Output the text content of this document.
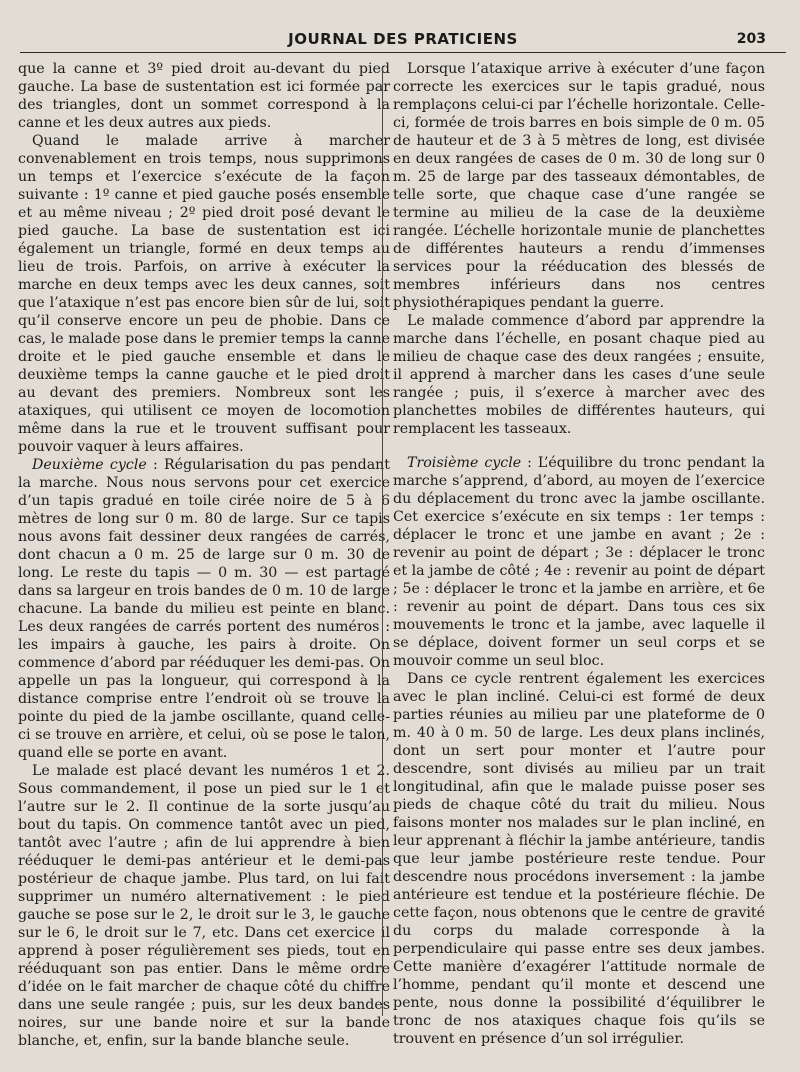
JOURNAL DES PRATICIENS	203

que la canne et 3º pied droit au-devant du pied gauche. La base de sustentation est ici formée par des triangles, dont un sommet correspond à la canne et les deux autres aux pieds.

Quand le malade arrive à marcher convenablement en trois temps, nous supprimons un temps et l’exercice s’exécute de la façon suivante : 1º canne et pied gauche posés ensemble et au même niveau ; 2º pied droit posé devant le pied gauche. La base de sustentation est ici également un triangle, formé en deux temps au lieu de trois. Parfois, on arrive à exécuter la marche en deux temps avec les deux cannes, soit que l’ataxique n’est pas encore bien sûr de lui, soit qu’il conserve encore un peu de phobie. Dans ce cas, le malade pose dans le premier temps la canne droite et le pied gauche ensemble et dans le deuxième temps la canne gauche et le pied droit au devant des premiers. Nombreux sont les ataxiques, qui utilisent ce moyen de locomotion même dans la rue et le trouvent suffisant pour pouvoir vaquer à leurs affaires.

Deuxième cycle : Régularisation du pas pendant la marche. Nous nous servons pour cet exercice d’un tapis gradué en toile cirée noire de 5 à 6 mètres de long sur 0 m. 80 de large. Sur ce tapis nous avons fait dessiner deux rangées de carrés, dont chacun a 0 m. 25 de large sur 0 m. 30 de long. Le reste du tapis — 0 m. 30 — est partagé dans sa largeur en trois bandes de 0 m. 10 de large chacune. La bande du milieu est peinte en blanc. Les deux rangées de carrés portent des numéros : les impairs à gauche, les pairs à droite. On commence d’abord par rééduquer les demi-pas. On appelle un pas la longueur, qui correspond à la distance comprise entre l’endroit où se trouve la pointe du pied de la jambe oscillante, quand celle-ci se trouve en arrière, et celui, où se pose le talon, quand elle se porte en avant.

Le malade est placé devant les numéros 1 et 2. Sous commandement, il pose un pied sur le 1 et l’autre sur le 2. Il continue de la sorte jusqu’au bout du tapis. On commence tantôt avec un pied, tantôt avec l’autre ; afin de lui apprendre à bien rééduquer le demi-pas antérieur et le demi-pas postérieur de chaque jambe. Plus tard, on lui fait supprimer un numéro alternativement : le pied gauche se pose sur le 2, le droit sur le 3, le gauche sur le 6, le droit sur le 7, etc. Dans cet exercice il apprend à poser régulièrement ses pieds, tout en rééduquant son pas entier. Dans le même ordre d’idée on le fait marcher de chaque côté du chiffre dans une seule rangée ; puis, sur les deux bandes noires, sur une bande noire et sur la bande blanche, et, enfin, sur la bande blanche seule.

Lorsque l’ataxique arrive à exécuter d’une façon correcte les exercices sur le tapis gradué, nous remplaçons celui-ci par l’échelle horizontale. Celle-ci, formée de trois barres en bois simple de 0 m. 05 de hauteur et de 3 à 5 mètres de long, est divisée en deux rangées de cases de 0 m. 30 de long sur 0 m. 25 de large par des tasseaux démontables, de telle sorte, que chaque case d’une rangée se termine au milieu de la case de la deuxième rangée. L’échelle horizontale munie de planchettes de différentes hauteurs a rendu d’immenses services pour la rééducation des blessés de membres inférieurs dans nos centres physiothérapiques pendant la guerre.

Le malade commence d’abord par apprendre la marche dans l’échelle, en posant chaque pied au milieu de chaque case des deux rangées ; ensuite, il apprend à marcher dans les cases d’une seule rangée ; puis, il s’exerce à marcher avec des planchettes mobiles de différentes hauteurs, qui remplacent les tasseaux.

Troisième cycle : L’équilibre du tronc pendant la marche s’apprend, d’abord, au moyen de l’exercice du déplacement du tronc avec la jambe oscillante. Cet exercice s’exécute en six temps : 1er temps : déplacer le tronc et une jambe en avant ; 2e : revenir au point de départ ; 3e : déplacer le tronc et la jambe de côté ; 4e : revenir au point de départ ; 5e : déplacer le tronc et la jambe en arrière, et 6e : revenir au point de départ. Dans tous ces six mouvements le tronc et la jambe, avec laquelle il se déplace, doivent former un seul corps et se mouvoir comme un seul bloc.

Dans ce cycle rentrent également les exercices avec le plan incliné. Celui-ci est formé de deux parties réunies au milieu par une plateforme de 0 m. 40 à 0 m. 50 de large. Les deux plans inclinés, dont un sert pour monter et l’autre pour descendre, sont divisés au milieu par un trait longitudinal, afin que le malade puisse poser ses pieds de chaque côté du trait du milieu. Nous faisons monter nos malades sur le plan incliné, en leur apprenant à fléchir la jambe antérieure, tandis que leur jambe postérieure reste tendue. Pour descendre nous procédons inversement : la jambe antérieure est tendue et la postérieure fléchie. De cette façon, nous obtenons que le centre de gravité du corps du malade corresponde à la perpendiculaire qui passe entre ses deux jambes. Cette manière d’exagérer l’attitude normale de l’homme, pendant qu’il monte et descend une pente, nous donne la possibilité d’équilibrer le tronc de nos ataxiques chaque fois qu’ils se trouvent en présence d’un sol irrégulier.
